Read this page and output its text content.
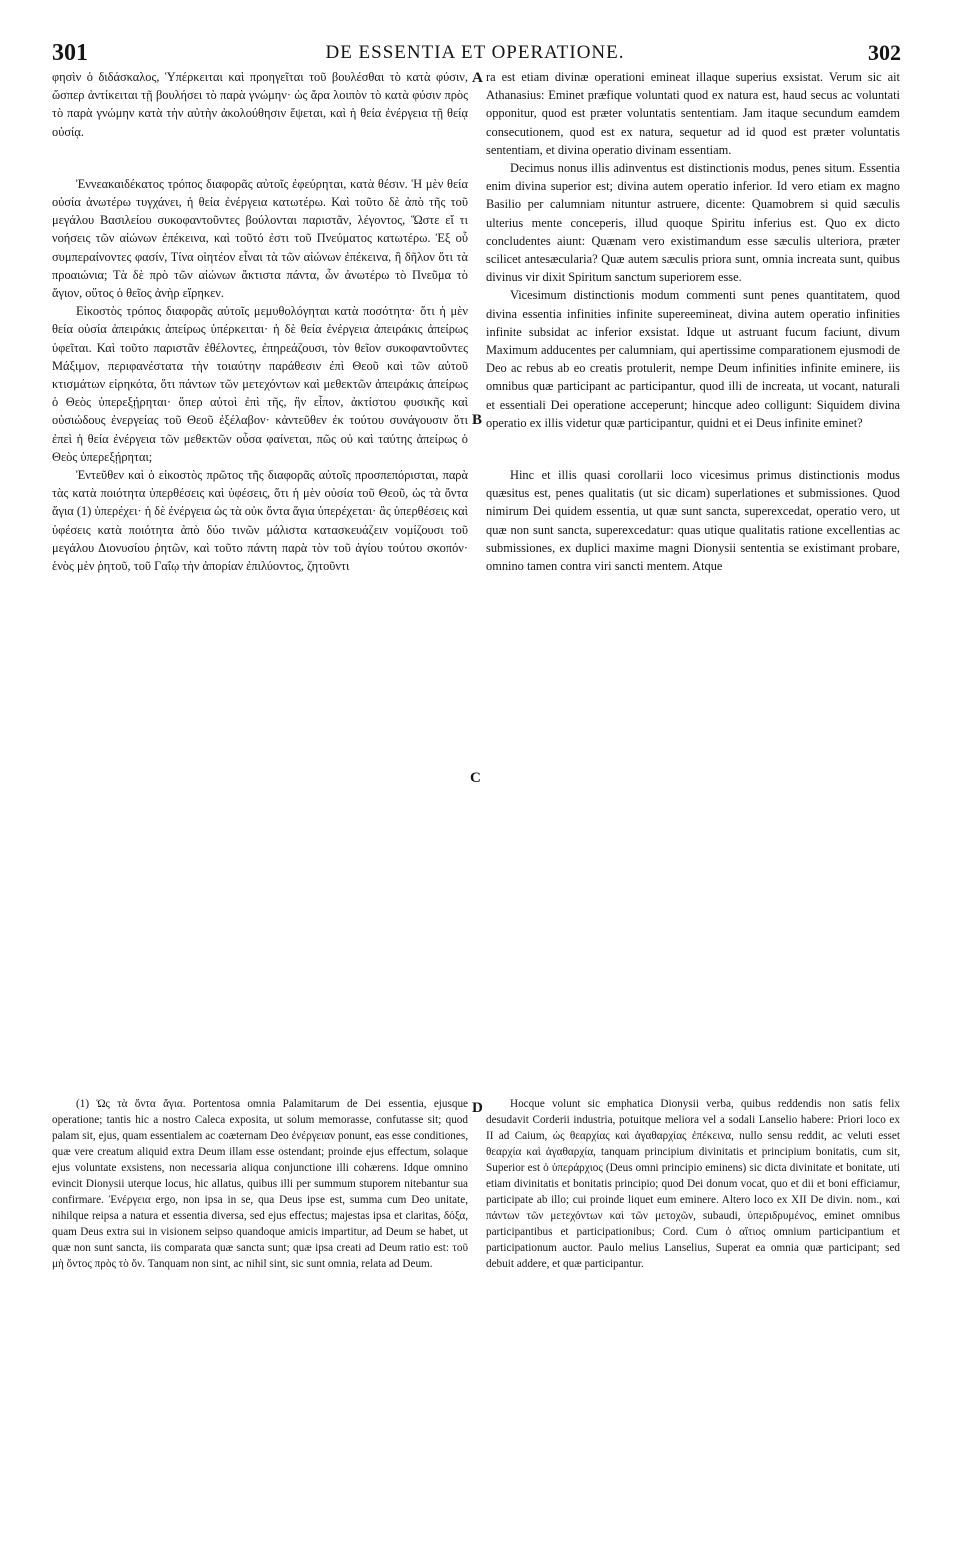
301	DE ESSENTIA ET OPERATIONE.	302
A
B
C
D

φησὶν ὁ διδάσκαλος, Ὑπέρκειται καὶ προηγεῖται τοῦ βουλέσθαι τὸ κατὰ φύσιν, ὥσπερ ἀντίκειται τῇ βουλήσει τὸ παρὰ γνώμην· ὡς ἄρα λοιπὸν τὸ κατὰ φύσιν πρὸς τὸ παρὰ γνώμην κατὰ τὴν αὐτὴν ἀκολούθησιν ἕψεται, καὶ ἡ θεία ἐνέργεια τῇ θείᾳ οὐσίᾳ.

Ἐννεακαιδέκατος τρόπος διαφορᾶς αὐτοῖς ἐφεύρηται, κατὰ θέσιν. Ἡ μὲν θεία οὐσία ἀνωτέρω τυγχάνει, ἡ θεία ἐνέργεια κατωτέρω. Καὶ τοῦτο δὲ ἀπὸ τῆς τοῦ μεγάλου Βασιλείου συκοφαντοῦντες βούλονται παριστᾶν, λέγοντος, Ὥστε εἴ τι νοήσεις τῶν αἰώνων ἐπέκεινα, καὶ τοῦτό ἐστι τοῦ Πνεύματος κατωτέρω. Ἐξ οὗ συμπεραίνοντες φασίν, Τίνα οἰητέον εἶναι τὰ τῶν αἰώνων ἐπέκεινα, ἢ δῆλον ὅτι τὰ προαιώνια; Τὰ δὲ πρὸ τῶν αἰώνων ἄκτιστα πάντα, ὧν ἀνωτέρω τὸ Πνεῦμα τὸ ἅγιον, οὕτος ὁ θεῖος ἀνὴρ εἴρηκεν.

Εἰκοστὸς τρόπος διαφορᾶς αὐτοῖς μεμυθολόγηται κατὰ ποσότητα· ὅτι ἡ μὲν θεία οὐσία ἀπειράκις ἀπείρως ὑπέρκειται· ἡ δὲ θεία ἐνέργεια ἀπειράκις ἀπείρως ὑφεῖται. Καὶ τοῦτο παριστᾶν ἐθέλοντες, ἐπηρεάζουσι, τὸν θεῖον συκοφαντοῦντες Μάξιμον, περιφανέστατα τὴν τοιαύτην παράθεσιν ἐπὶ Θεοῦ καὶ τῶν αὐτοῦ κτισμάτων εἰρηκότα, ὅτι πάντων τῶν μετεχόντων καὶ μεθεκτῶν ἀπειράκις ἀπείρως ὁ Θεὸς ὑπερεξῄρηται· ὅπερ αὐτοὶ ἐπὶ τῆς, ἣν εἶπον, ἀκτίστου φυσικῆς καὶ οὐσιώδους ἐνεργείας τοῦ Θεοῦ ἐξέλαβον· κἀντεῦθεν ἐκ τούτου συνάγουσιν ὅτι ἐπεὶ ἡ θεία ἐνέργεια τῶν μεθεκτῶν οὖσα φαίνεται, πῶς οὐ καὶ ταύτης ἀπείρως ὁ Θεὸς ὑπερεξῄρηται;

Ἐντεῦθεν καὶ ὁ εἰκοστὸς πρῶτος τῆς διαφορᾶς αὐτοῖς προσπεπόρισται, παρὰ τὰς κατὰ ποιότητα ὑπερθέσεις καὶ ὑφέσεις, ὅτι ἡ μὲν οὐσία τοῦ Θεοῦ, ὡς τὰ ὄντα ἅγια (1) ὑπερέχει· ἡ δὲ ἐνέργεια ὡς τὰ οὐκ ὄντα ἅγια ὑπερέχεται· ἃς ὑπερθέσεις καὶ ὑφέσεις κατὰ ποιότητα ἀπὸ δύο τινῶν μάλιστα κατασκευάζειν νομίζουσι τοῦ μεγάλου Διονυσίου ῥητῶν, καὶ τοῦτο πάντη παρὰ τὸν τοῦ ἁγίου τούτου σκοπόν· ἑνὸς μὲν ῥητοῦ, τοῦ Γαΐῳ τὴν ἀπορίαν ἐπιλύοντος, ζητοῦντι

ra est etiam divinæ operationi emineat illaque superius exsistat. Verum sic ait Athanasius: Eminet præfique voluntati quod ex natura est, haud secus ac voluntati opponitur, quod est præter voluntatis sententiam. Jam itaque secundum eamdem consecutionem, quod est ex natura, sequetur ad id quod est præter voluntatis sententiam, et divina operatio divinam essentiam.

Decimus nonus illis adinventus est distinctionis modus, penes situm. Essentia enim divina superior est; divina autem operatio inferior. Id vero etiam ex magno Basilio per calumniam nituntur astruere, dicente: Quamobrem si quid sæculis ulterius mente conceperis, illud quoque Spiritu inferius est. Quo ex dicto concludentes aiunt: Quænam vero existimandum esse sæculis ulteriora, præter scilicet antesæcularia? Quæ autem sæculis priora sunt, omnia increata sunt, quibus divinus vir dixit Spiritum sanctum superiorem esse.

Vicesimum distinctionis modum commenti sunt penes quantitatem, quod divina essentia infinities infinite supereemineat, divina autem operatio infinities infinite subsidat ac inferior exsistat. Idque ut astruant fucum faciunt, divum Maximum adducentes per calumniam, qui apertissime comparationem ejusmodi de Deo ac rebus ab eo creatis protulerit, nempe Deum infinities infinite eminere, iis omnibus quæ participant ac participantur, quod illi de increata, ut vocant, naturali et essentiali Dei operatione acceperunt; hincque adeo colligunt: Siquidem divina operatio ex illis videtur quæ participantur, quidni et ei Deus infinite eminet?

Hinc et illis quasi corollarii loco vicesimus primus distinctionis modus quæsitus est, penes qualitatis (ut sic dicam) superlationes et submissiones. Quod nimirum Dei quidem essentia, ut quæ sunt sancta, superexcedat, operatio vero, ut quæ non sunt sancta, superexcedatur: quas utique qualitatis ratione excellentias ac submissiones, ex duplici maxime magni Dionysii sententia se existimant probare, omnino tamen contra viri sancti mentem. Atque

(1) Ὡς τὰ ὄντα ἅγια. Portentosa omnia Palamitarum de Dei essentia, ejusque operatione; tantis hic a nostro Caleca exposita, ut solum memorasse, confutasse sit; quod palam sit, ejus, quam essentialem ac coæternam Deo ἐνέργειαν ponunt, eas esse conditiones, quæ vere creatum aliquid extra Deum illam esse ostendant; proinde ejus effectum, solaque ejus voluntate exsistens, non necessaria aliqua conjunctione illi cohærens. Idque omnino evincit Dionysii uterque locus, hic allatus, quibus illi per summum stuporem nitebantur sua confirmare. Ἐνέργεια ergo, non ipsa in se, qua Deus ipse est, summa cum Deo unitate, nihilque reipsa a natura et essentia diversa, sed ejus effectus; majestas ipsa et claritas, δόξα, quam Deus extra sui in visionem seipso quandoque amicis impartitur, ad Deum se habet, ut quæ non sunt sancta, iis comparata quæ sancta sunt; quæ ipsa creati ad Deum ratio est: τοῦ μὴ ὄντος πρὸς τὸ ὄν. Tanquam non sint, ac nihil sint, sic sunt omnia, relata ad Deum.

Hocque volunt sic emphatica Dionysii verba, quibus reddendis non satis felix desudavit Corderii industria, potuitque meliora vel a sodali Lanselio habere: Priori loco ex II ad Caium, ὡς θεαρχίας καὶ ἀγαθαρχίας ἐπέκεινα, nullo sensu reddit, ac veluti esset θεαρχία καὶ ἀγαθαρχία, tanquam principium divinitatis et principium bonitatis, cum sit, Superior est ὁ ὑπεράρχιος (Deus omni principio eminens) sic dicta divinitate et bonitate, uti etiam divinitatis et bonitatis principio; quod Dei donum vocat, quo et dii et boni efficiamur, participate ab illo; cui proinde liquet eum eminere. Altero loco ex XII De divin. nom., καὶ πάντων τῶν μετεχόντων καὶ τῶν μετοχῶν, subaudi, ὑπεριδρυμένος, eminet omnibus participantibus et participationibus; Cord. Cum ὁ αἴτιος omnium participantium et participationum auctor. Paulo melius Lanselius, Superat ea omnia quæ participant; sed debuit addere, et quæ participantur.
